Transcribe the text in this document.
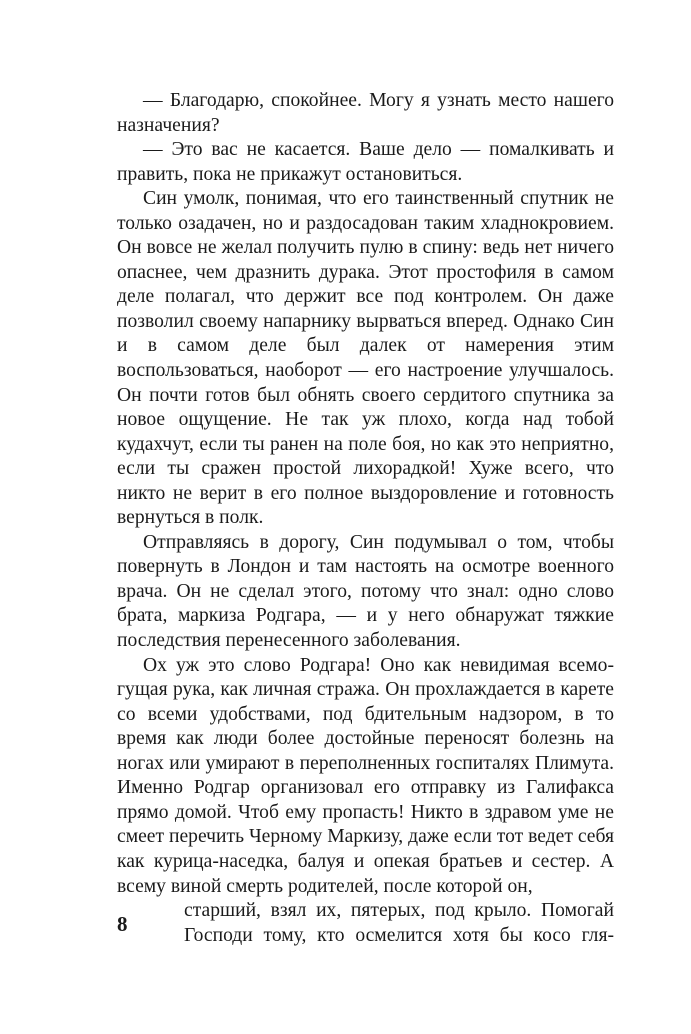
— Благодарю, спокойнее. Могу я узнать место нашего назначения?

— Это вас не касается. Ваше дело — помалкивать и править, пока не прикажут остановиться.

Син умолк, понимая, что его таинственный спутник не только озадачен, но и раздосадован таким хладнокровием. Он вовсе не желал получить пулю в спину: ведь нет ничего опаснее, чем дразнить дурака. Этот простофиля в самом деле полагал, что держит все под контролем. Он даже позволил своему напарнику вырваться вперед. Однако Син и в самом деле был далек от намерения этим воспользоваться, наоборот — его настроение улучшалось. Он почти готов был обнять своего сердитого спутника за новое ощущение. Не так уж плохо, когда над тобой кудахчут, если ты ранен на поле боя, но как это неприятно, если ты сражен простой лихорадкой! Хуже всего, что никто не верит в его полное выздоровление и готовность вернуться в полк.

Отправляясь в дорогу, Син подумывал о том, чтобы повернуть в Лондон и там настоять на осмотре военного врача. Он не сделал этого, потому что знал: одно слово брата, маркиза Родгара, — и у него обнаружат тяжкие последствия перенесенного заболевания.

Ох уж это слово Родгара! Оно как невидимая всемогущая рука, как личная стража. Он прохлаждается в карете со всеми удобствами, под бдительным надзором, в то время как люди более достойные переносят болезнь на ногах или умирают в переполненных госпиталях Плимута. Именно Родгар организовал его отправку из Галифакса прямо домой. Чтоб ему пропасть! Никто в здравом уме не смеет перечить Черному Маркизу, даже если тот ведет себя как курица-наседка, балуя и опекая братьев и сестер. А всему виной смерть родителей, после которой он,

старший, взял их, пятерых, под крыло. Помогай
Господи тому, кто осмелится хотя бы косо гля-
8
